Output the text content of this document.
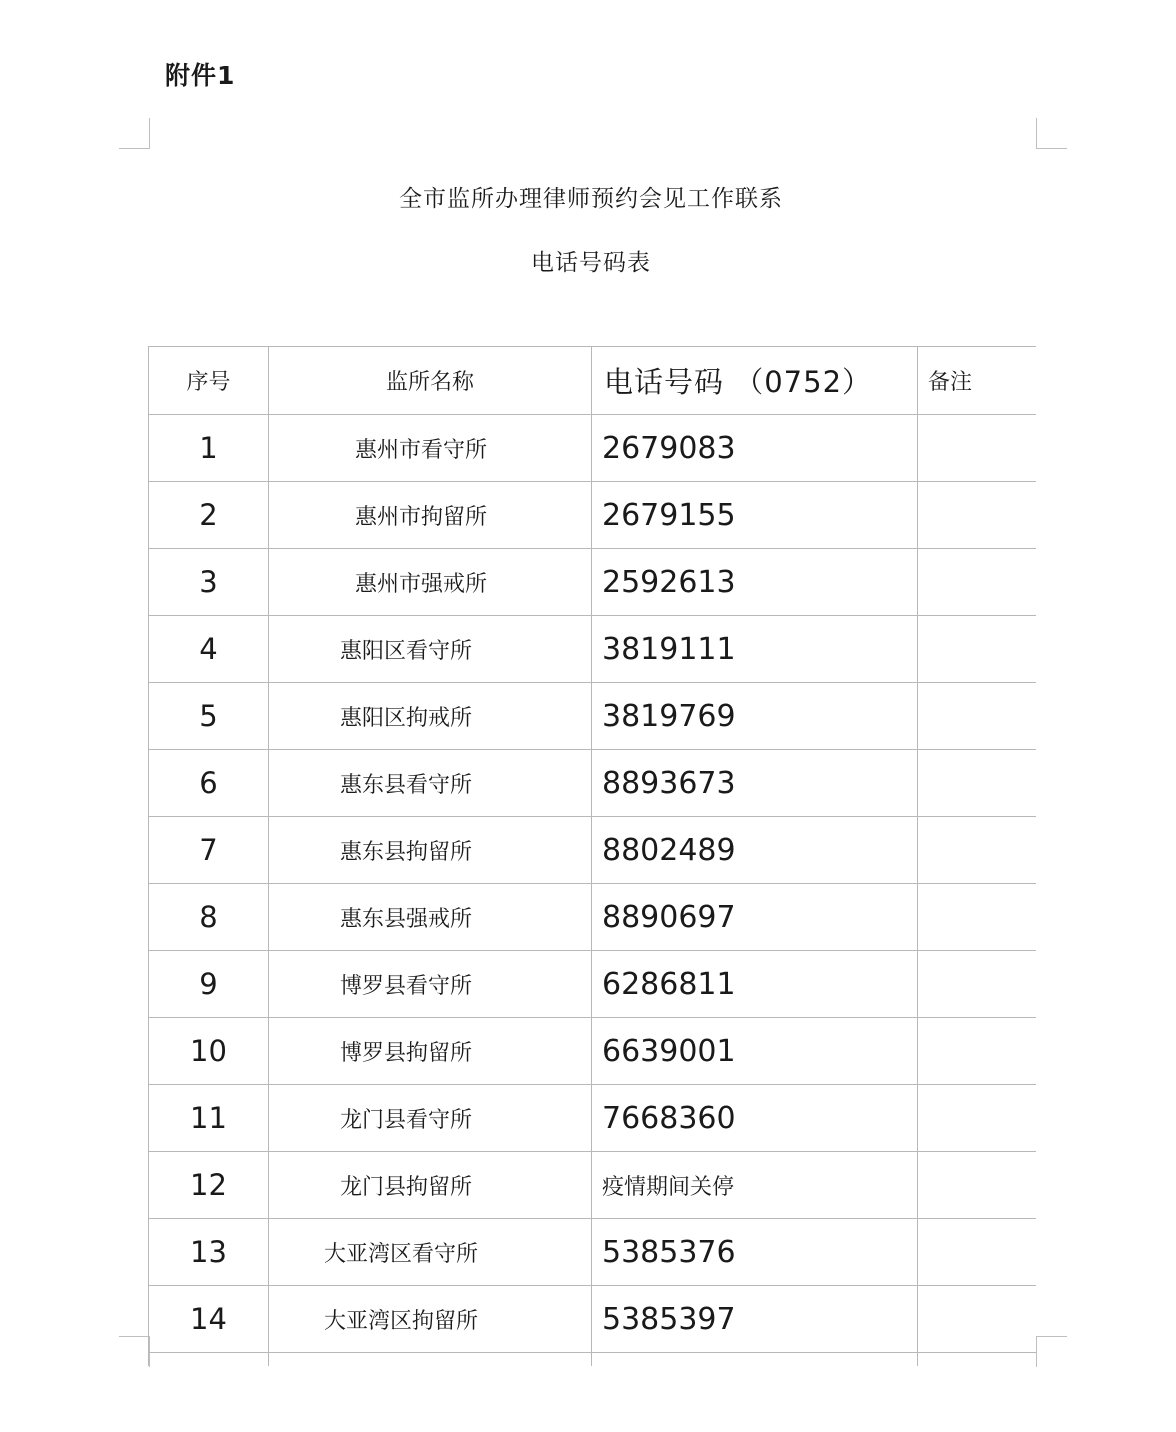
附件1
全市监所办理律师预约会见工作联系
电话号码表
序号	监所名称	电话号码 （0752）	备注
1	惠州市看守所	2679083	
2	惠州市拘留所	2679155	
3	惠州市强戒所	2592613	
4	惠阳区看守所	3819111	
5	惠阳区拘戒所	3819769	
6	惠东县看守所	8893673	
7	惠东县拘留所	8802489	
8	惠东县强戒所	8890697	
9	博罗县看守所	6286811	
10	博罗县拘留所	6639001	
11	龙门县看守所	7668360	
12	龙门县拘留所	疫情期间关停	
13	大亚湾区看守所	5385376	
14	大亚湾区拘留所	5385397	
